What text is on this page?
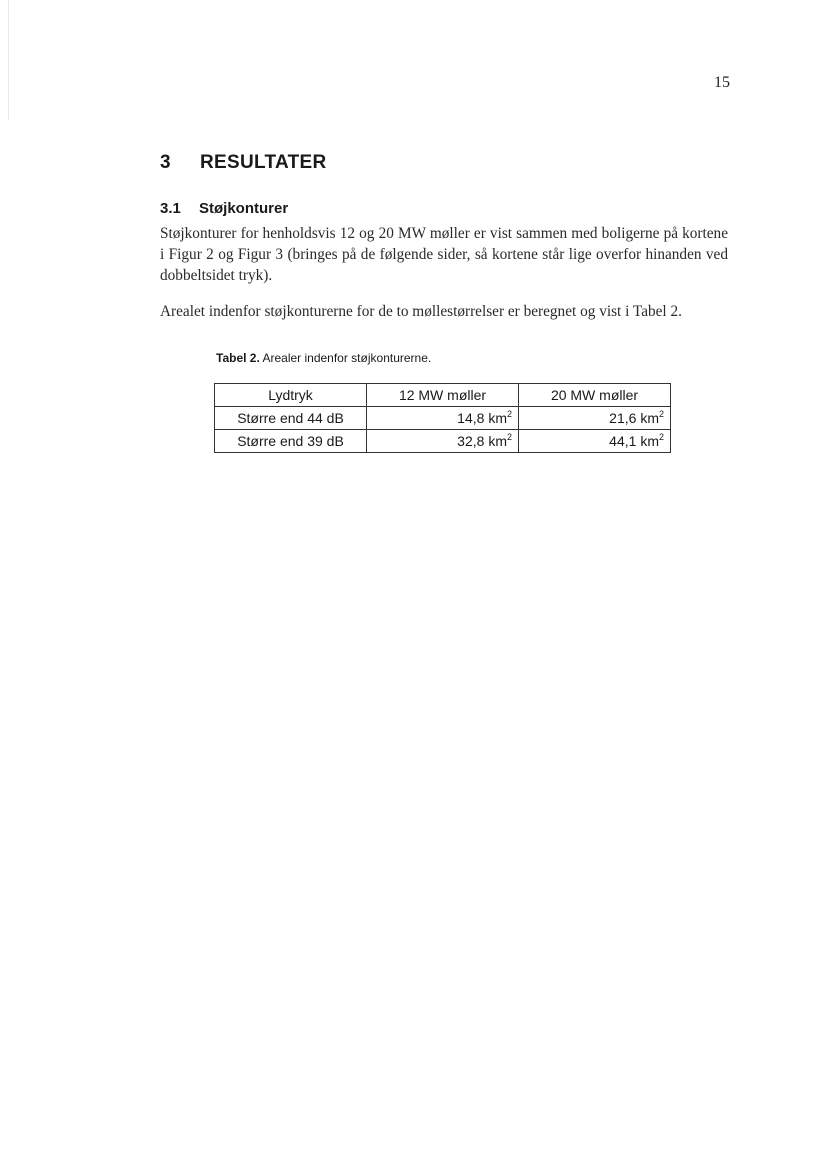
15
3 RESULTATER
3.1 Støjkonturer

Støjkonturer for henholdsvis 12 og 20 MW møller er vist sammen med boligerne på kortene i Figur 2 og Figur 3 (bringes på de følgende sider, så kortene står lige overfor hinanden ved dobbeltsidet tryk).

Arealet indenfor støjkonturerne for de to møllestørrelser er beregnet og vist i Tabel 2.

Tabel 2. Arealer indenfor støjkonturerne.
Lydtryk	12 MW møller	20 MW møller
Større end 44 dB	14,8 $km^2$	21,6 $km^2$
Større end 39 dB	32,8 $km^2$	44,1 $km^2$
